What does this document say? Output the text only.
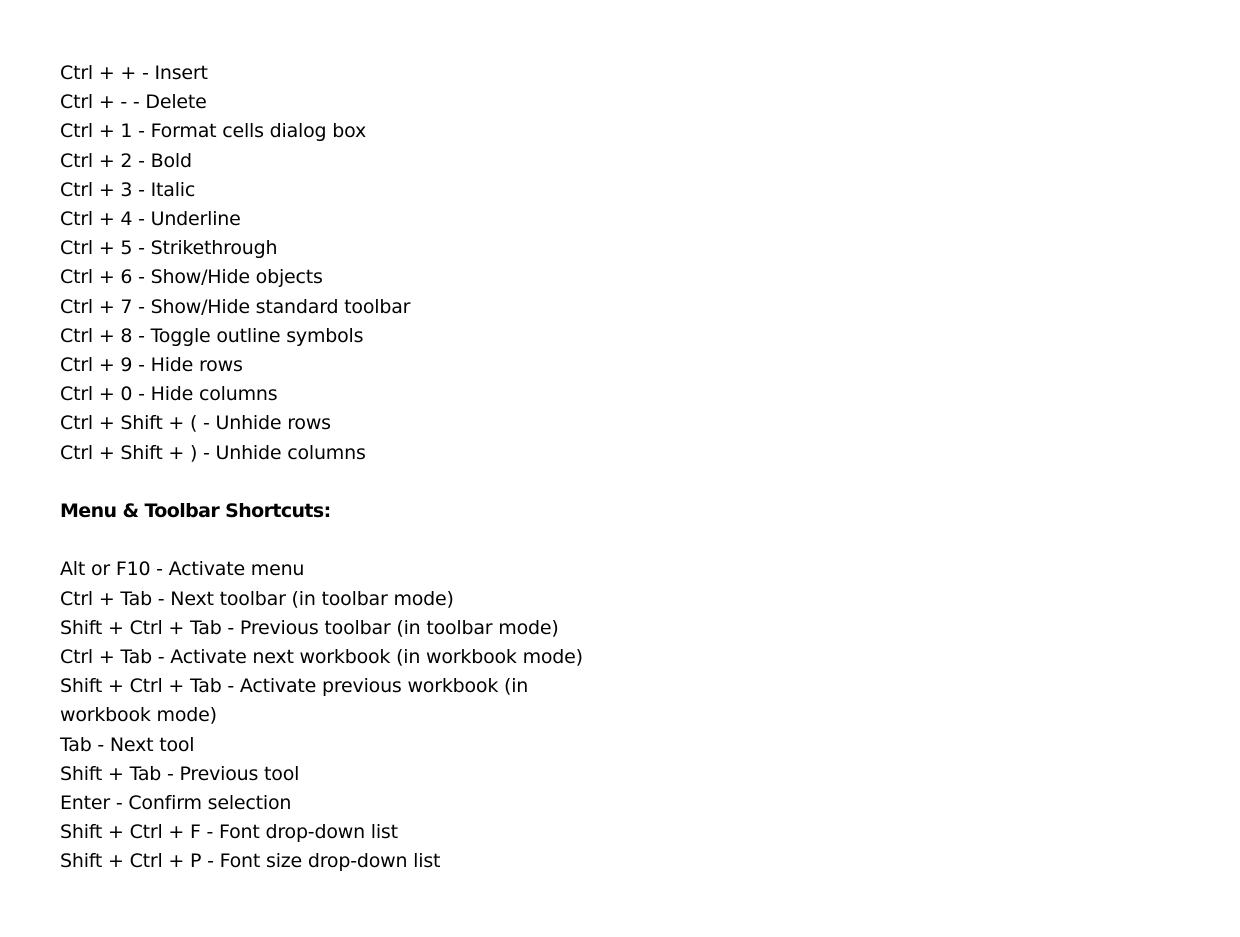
Ctrl + + - Insert
Ctrl + - - Delete
Ctrl + 1 - Format cells dialog box
Ctrl + 2 - Bold
Ctrl + 3 - Italic
Ctrl + 4 - Underline
Ctrl + 5 - Strikethrough
Ctrl + 6 - Show/Hide objects
Ctrl + 7 - Show/Hide standard toolbar
Ctrl + 8 - Toggle outline symbols
Ctrl + 9 - Hide rows
Ctrl + 0 - Hide columns
Ctrl + Shift + ( - Unhide rows
Ctrl + Shift + ) - Unhide columns
Menu & Toolbar Shortcuts:
Alt or F10 - Activate menu
Ctrl + Tab - Next toolbar (in toolbar mode)
Shift + Ctrl + Tab - Previous toolbar (in toolbar mode)
Ctrl + Tab - Activate next workbook (in workbook mode)
Shift + Ctrl + Tab - Activate previous workbook (in workbook mode)
Tab - Next tool
Shift + Tab - Previous tool
Enter - Confirm selection
Shift + Ctrl + F - Font drop-down list
Shift + Ctrl + P - Font size drop-down list
